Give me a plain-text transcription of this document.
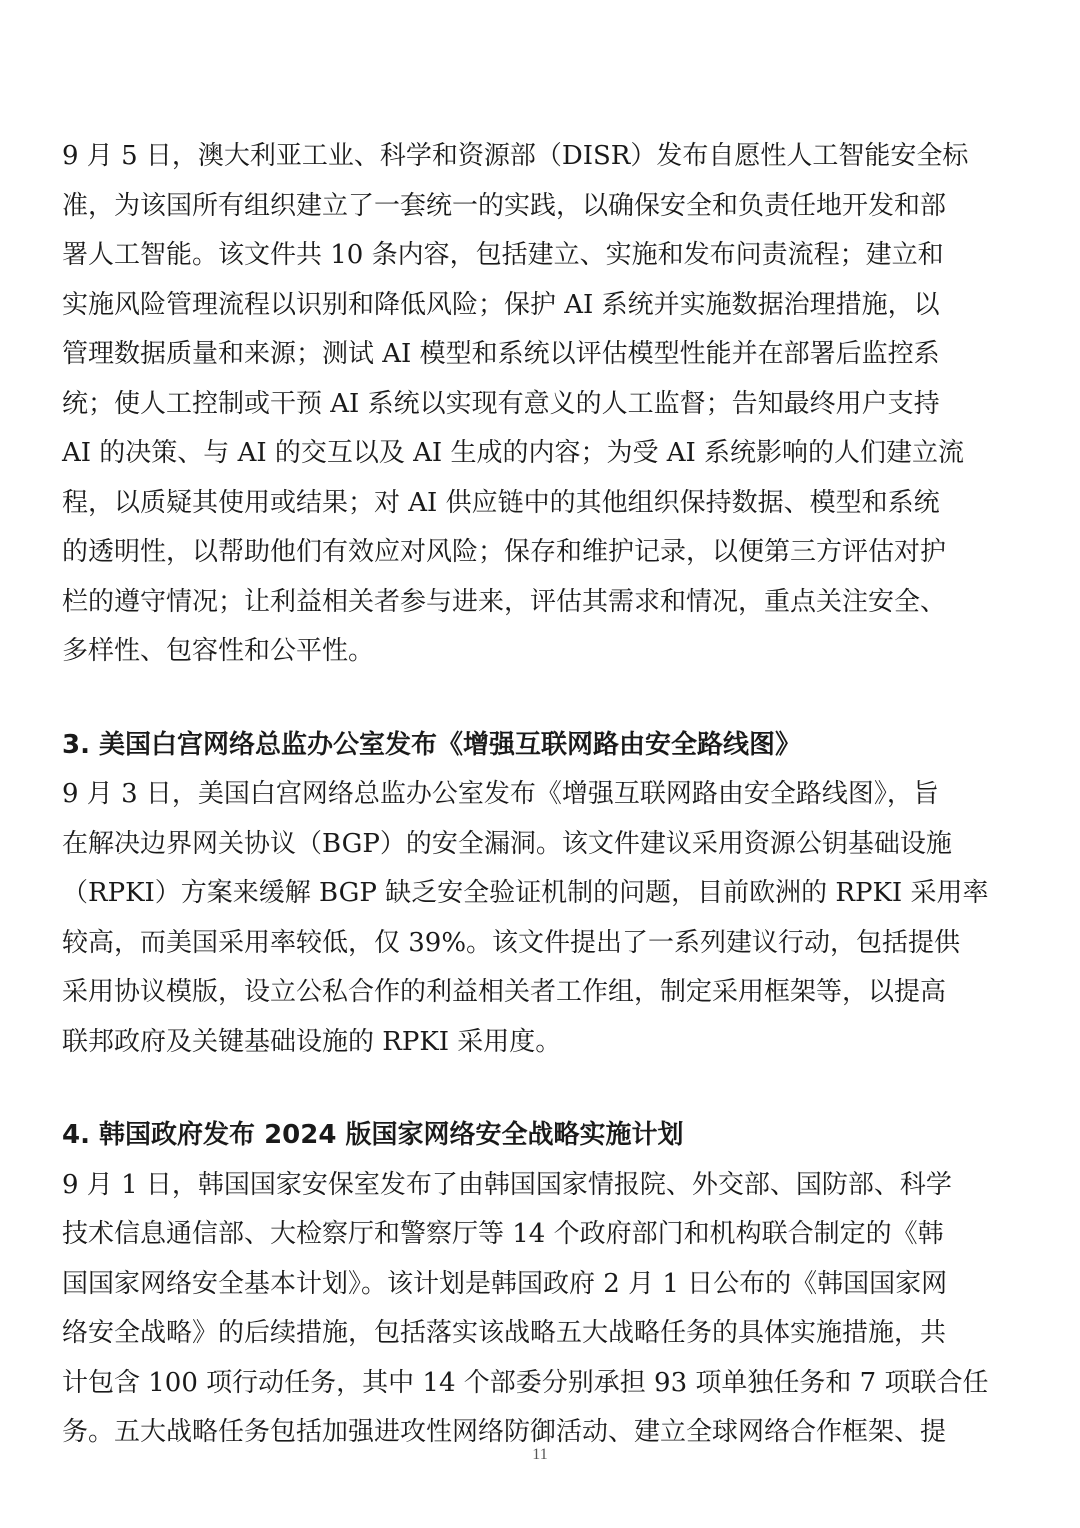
9 月 5 日，澳大利亚工业、科学和资源部（DISR）发布自愿性人工智能安全标
准，为该国所有组织建立了一套统一的实践，以确保安全和负责任地开发和部
署人工智能。该文件共 10 条内容，包括建立、实施和发布问责流程；建立和
实施风险管理流程以识别和降低风险；保护 AI 系统并实施数据治理措施，以
管理数据质量和来源；测试 AI 模型和系统以评估模型性能并在部署后监控系
统；使人工控制或干预 AI 系统以实现有意义的人工监督；告知最终用户支持
AI 的决策、与 AI 的交互以及 AI 生成的内容；为受 AI 系统影响的人们建立流
程，以质疑其使用或结果；对 AI 供应链中的其他组织保持数据、模型和系统
的透明性，以帮助他们有效应对风险；保存和维护记录，以便第三方评估对护
栏的遵守情况；让利益相关者参与进来，评估其需求和情况，重点关注安全、
多样性、包容性和公平性。

3. 美国白宫网络总监办公室发布《增强互联网路由安全路线图》

9 月 3 日，美国白宫网络总监办公室发布《增强互联网路由安全路线图》，旨
在解决边界网关协议（BGP）的安全漏洞。该文件建议采用资源公钥基础设施
（RPKI）方案来缓解 BGP 缺乏安全验证机制的问题，目前欧洲的 RPKI 采用率
较高，而美国采用率较低，仅 39%。该文件提出了一系列建议行动，包括提供
采用协议模版，设立公私合作的利益相关者工作组，制定采用框架等，以提高
联邦政府及关键基础设施的 RPKI 采用度。

4. 韩国政府发布 2024 版国家网络安全战略实施计划

9 月 1 日，韩国国家安保室发布了由韩国国家情报院、外交部、国防部、科学
技术信息通信部、大检察厅和警察厅等 14 个政府部门和机构联合制定的《韩
国国家网络安全基本计划》。该计划是韩国政府 2 月 1 日公布的《韩国国家网
络安全战略》的后续措施，包括落实该战略五大战略任务的具体实施措施，共
计包含 100 项行动任务，其中 14 个部委分别承担 93 项单独任务和 7 项联合任
务。五大战略任务包括加强进攻性网络防御活动、建立全球网络合作框架、提

11
